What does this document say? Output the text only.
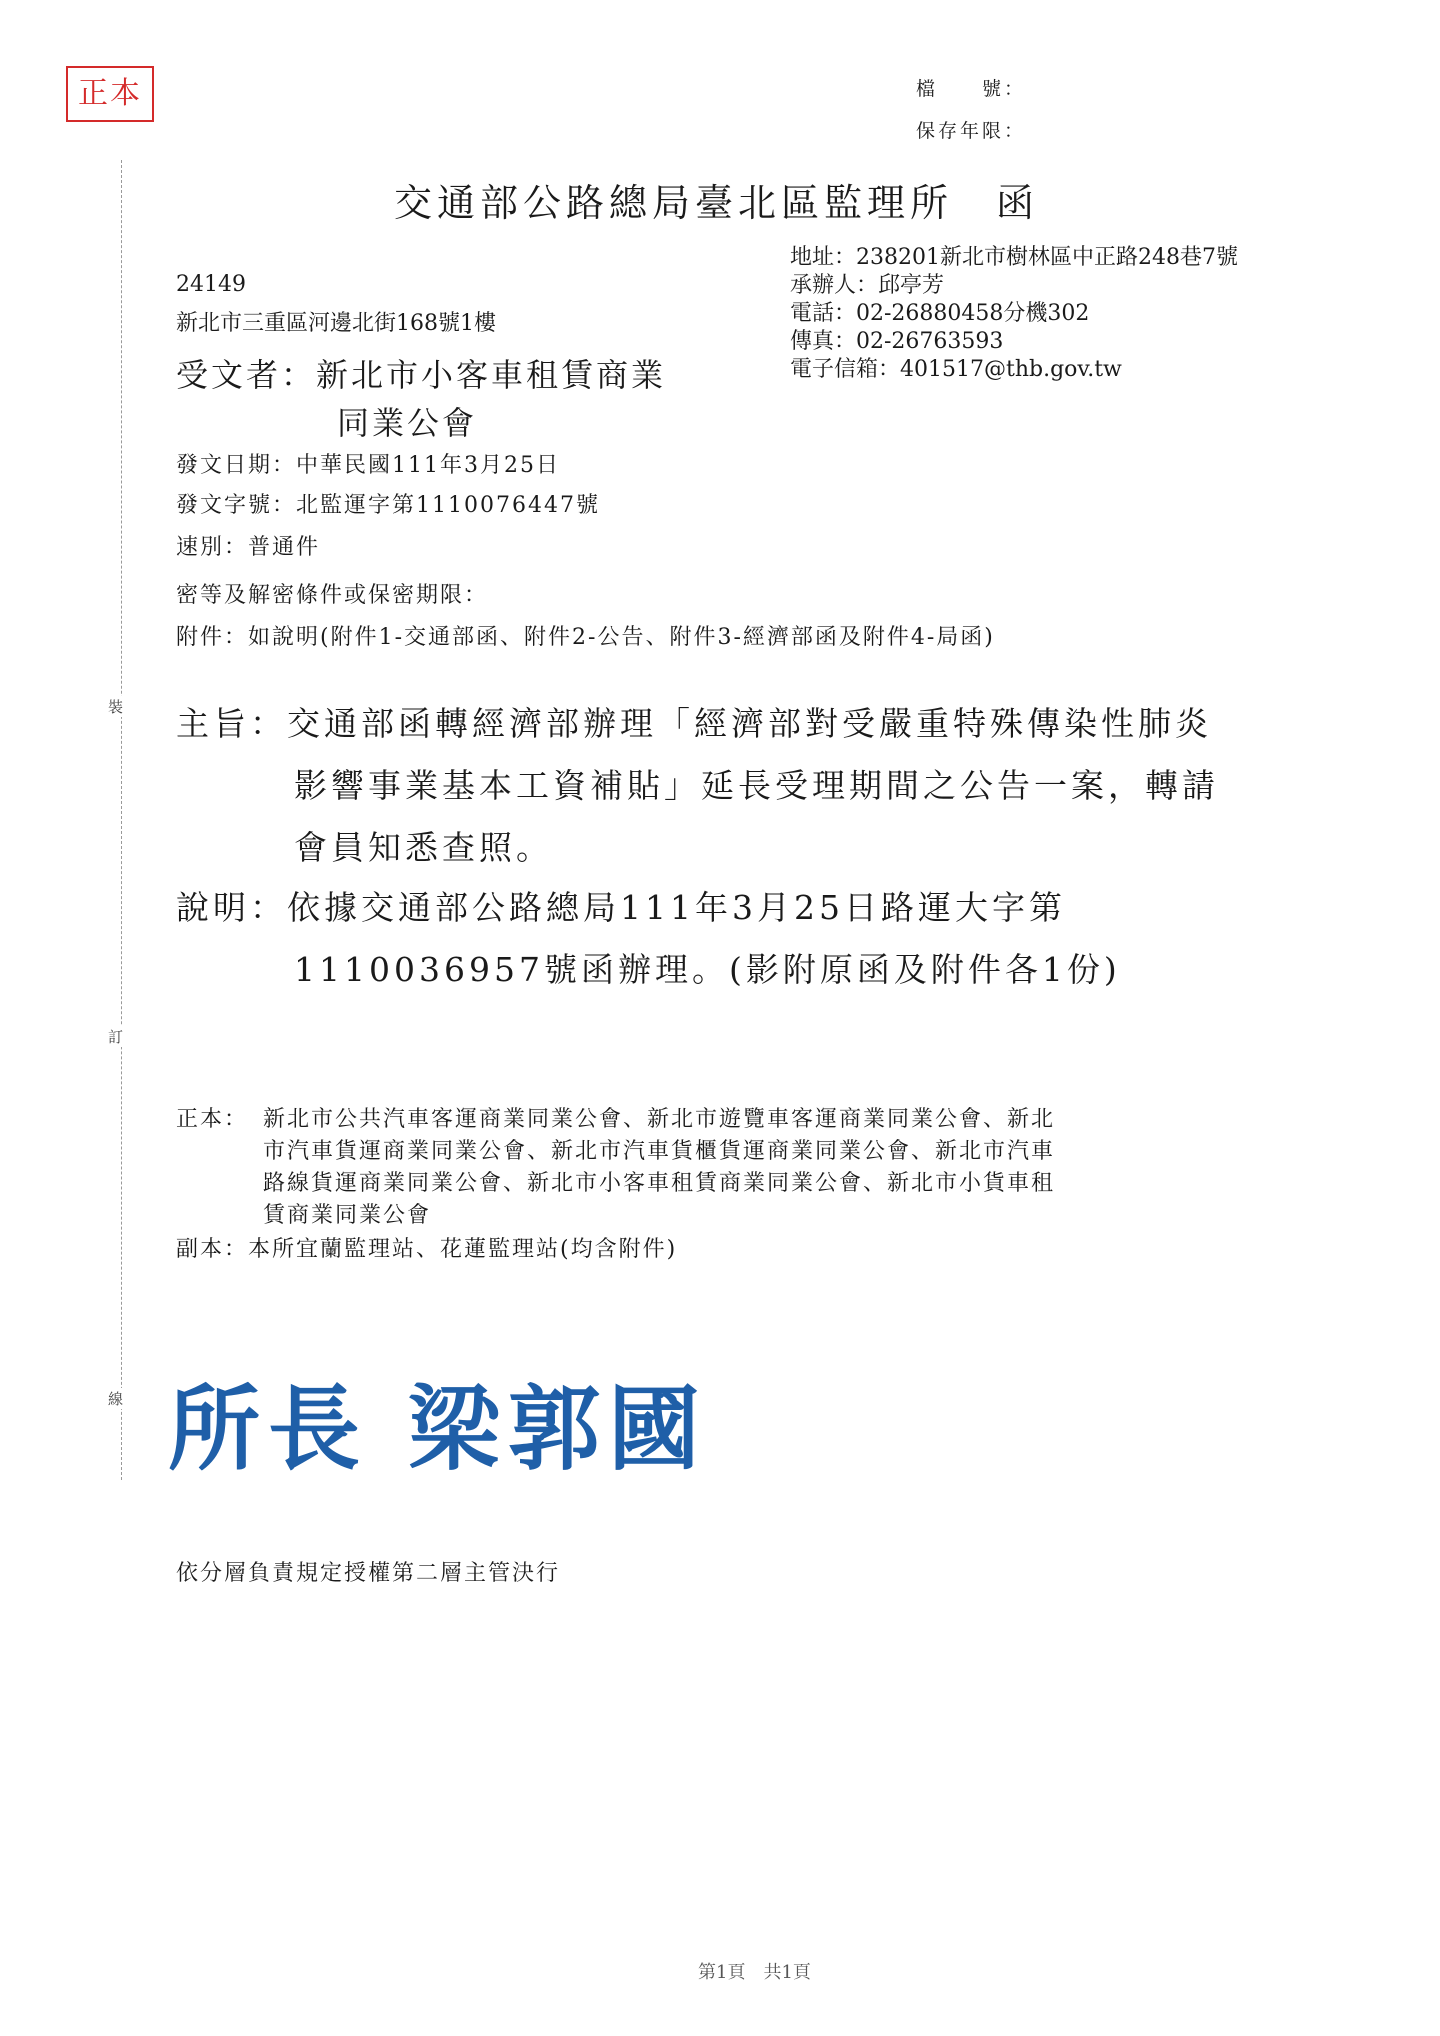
正本
裝
訂
線
檔　　號：
保存年限：
交通部公路總局臺北區監理所　函
地址：238201新北市樹林區中正路248巷7號
承辦人：邱亭芳
電話：02-26880458分機302
傳真：02-26763593
電子信箱：401517@thb.gov.tw
24149
新北市三重區河邊北街168號1樓
受文者：新北市小客車租賃商業
同業公會
發文日期：中華民國111年3月25日
發文字號：北監運字第1110076447號
速別：普通件
密等及解密條件或保密期限：
附件：如說明(附件1-交通部函、附件2-公告、附件3-經濟部函及附件4-局函)
主旨：交通部函轉經濟部辦理「經濟部對受嚴重特殊傳染性肺炎
影響事業基本工資補貼」延長受理期間之公告一案，轉請
會員知悉查照。
說明：依據交通部公路總局111年3月25日路運大字第
1110036957號函辦理。(影附原函及附件各1份)
正本： 新北市公共汽車客運商業同業公會、新北市遊覽車客運商業同業公會、新北
市汽車貨運商業同業公會、新北市汽車貨櫃貨運商業同業公會、新北市汽車
路線貨運商業同業公會、新北市小客車租賃商業同業公會、新北市小貨車租
賃商業同業公會
副本：本所宜蘭監理站、花蓮監理站(均含附件)
所長 梁郭國
依分層負責規定授權第二層主管決行
第1頁　共1頁
